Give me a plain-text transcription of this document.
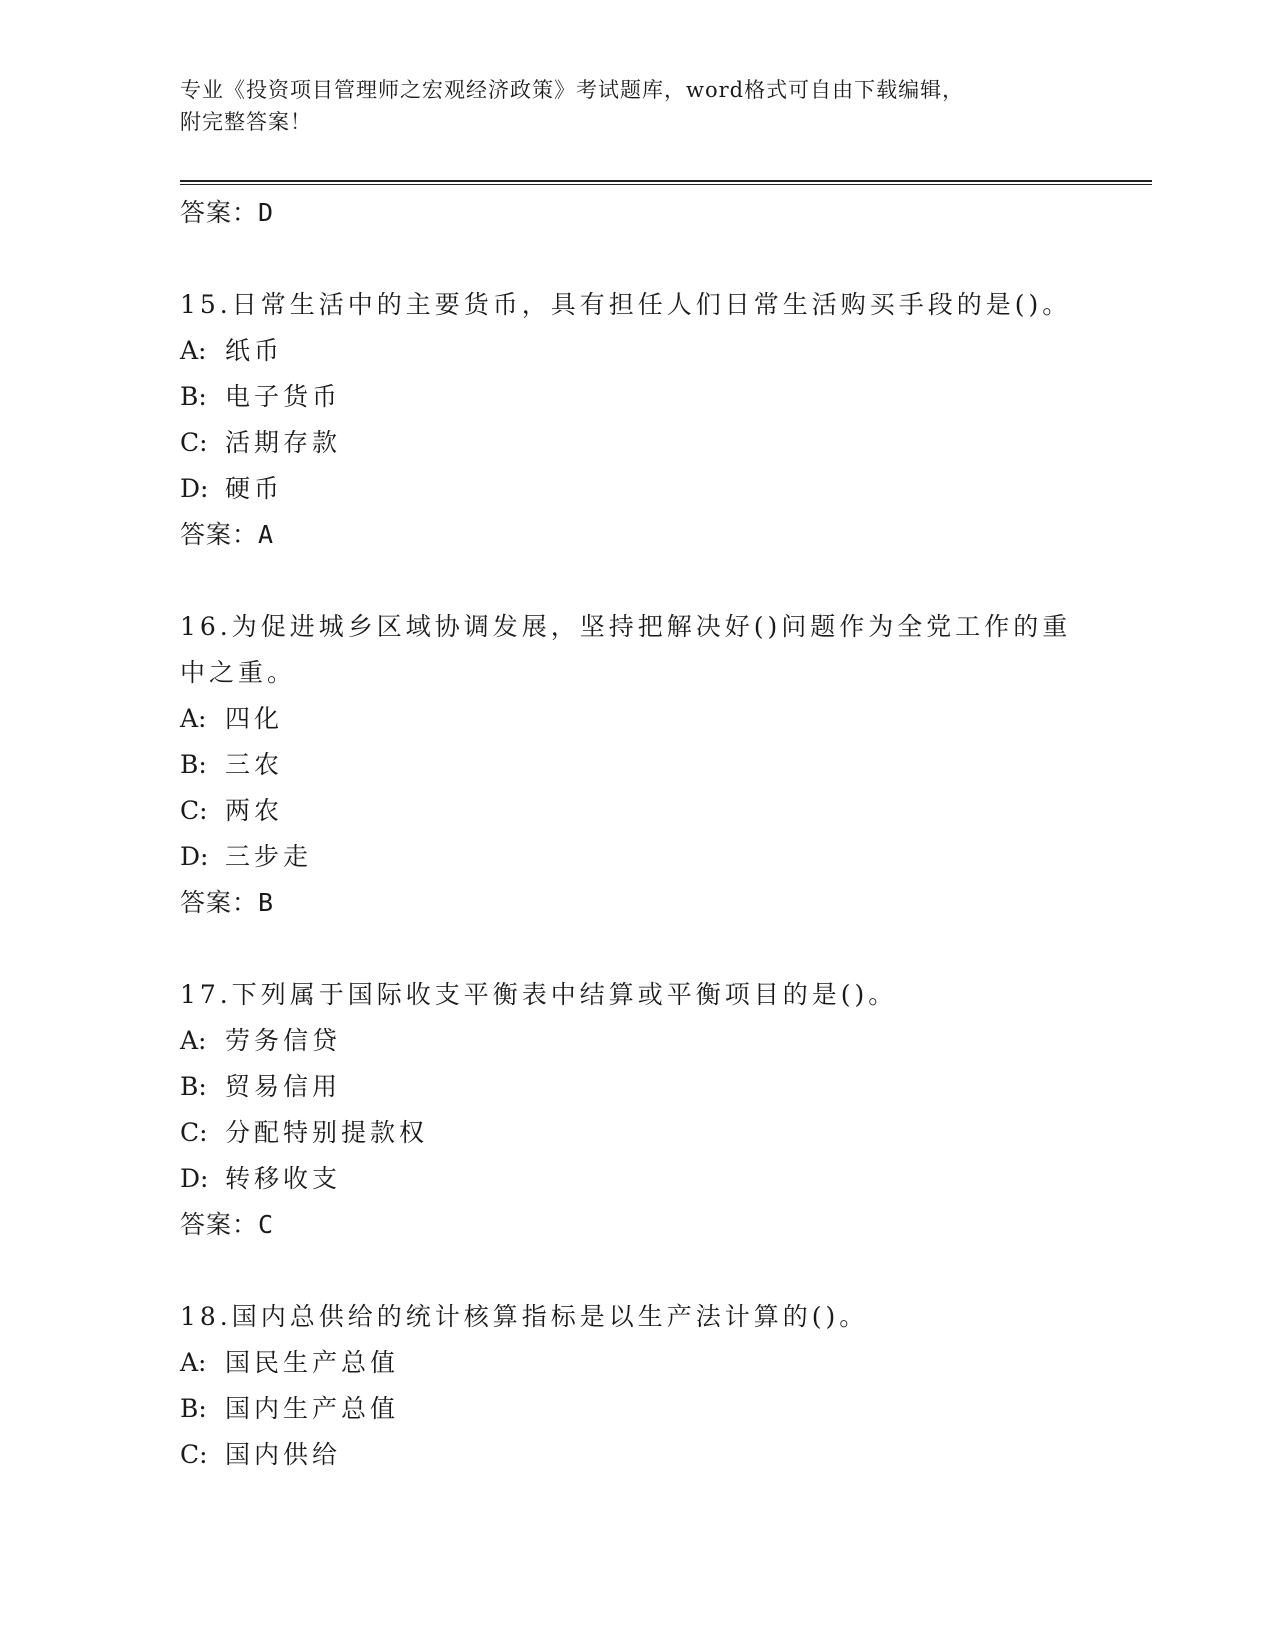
专业《投资项目管理师之宏观经济政策》考试题库，word格式可自由下载编辑，
附完整答案！
答案：D
15.日常生活中的主要货币，具有担任人们日常生活购买手段的是()。
A: 纸币
B: 电子货币
C: 活期存款
D: 硬币
答案：A
16.为促进城乡区域协调发展，坚持把解决好()问题作为全党工作的重中之重。
A: 四化
B: 三农
C: 两农
D: 三步走
答案：B
17.下列属于国际收支平衡表中结算或平衡项目的是()。
A: 劳务信贷
B: 贸易信用
C: 分配特别提款权
D: 转移收支
答案：C
18.国内总供给的统计核算指标是以生产法计算的()。
A: 国民生产总值
B: 国内生产总值
C: 国内供给
